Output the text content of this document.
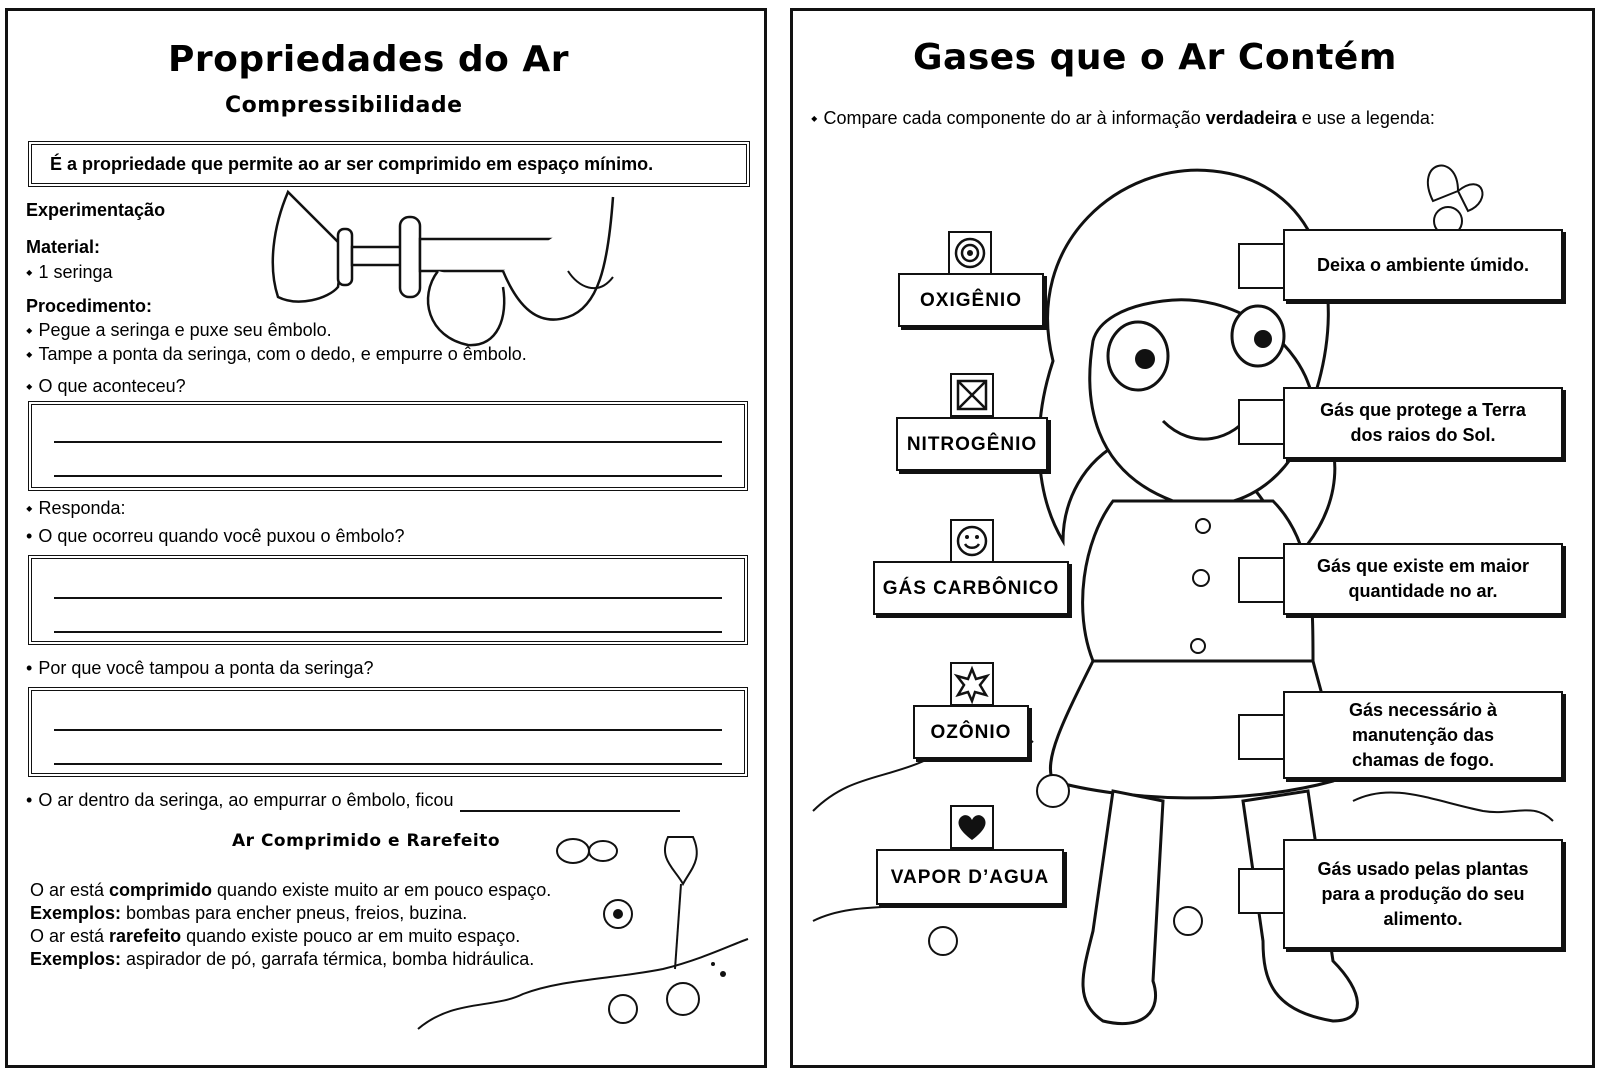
Propriedades do Ar
Compressibilidade
É a propriedade que permite ao ar ser comprimido em espaço mínimo.
Experimentação
Material:
⬩ 1 seringa
Procedimento:
⬩ Pegue a seringa e puxe seu êmbolo.
⬩ Tampe a ponta da seringa, com o dedo, e empurre o êmbolo.
⬩ O que aconteceu?
⬩ Responda:
• O que ocorreu quando você puxou o êmbolo?
• Por que você tampou a ponta da seringa?
• O ar dentro da seringa, ao empurrar o êmbolo, ficou
Ar Comprimido e Rarefeito
O ar está comprimido quando existe muito ar em pouco espaço.
Exemplos: bombas para encher pneus, freios, buzina.
O ar está rarefeito quando existe pouco ar em muito espaço.
Exemplos: aspirador de pó, garrafa térmica, bomba hidráulica.
Gases que o Ar Contém
⬩ Compare cada componente do ar à informação verdadeira e use a legenda:
OXIGÊNIO
NITROGÊNIO
GÁS CARBÔNICO
OZÔNIO
VAPOR D’AGUA
Deixa o ambiente úmido.
Gás que protege a Terra dos raios do Sol.
Gás que existe em maior quantidade no ar.
Gás necessário à manutenção das chamas de fogo.
Gás usado pelas plantas para a produção do seu alimento.
